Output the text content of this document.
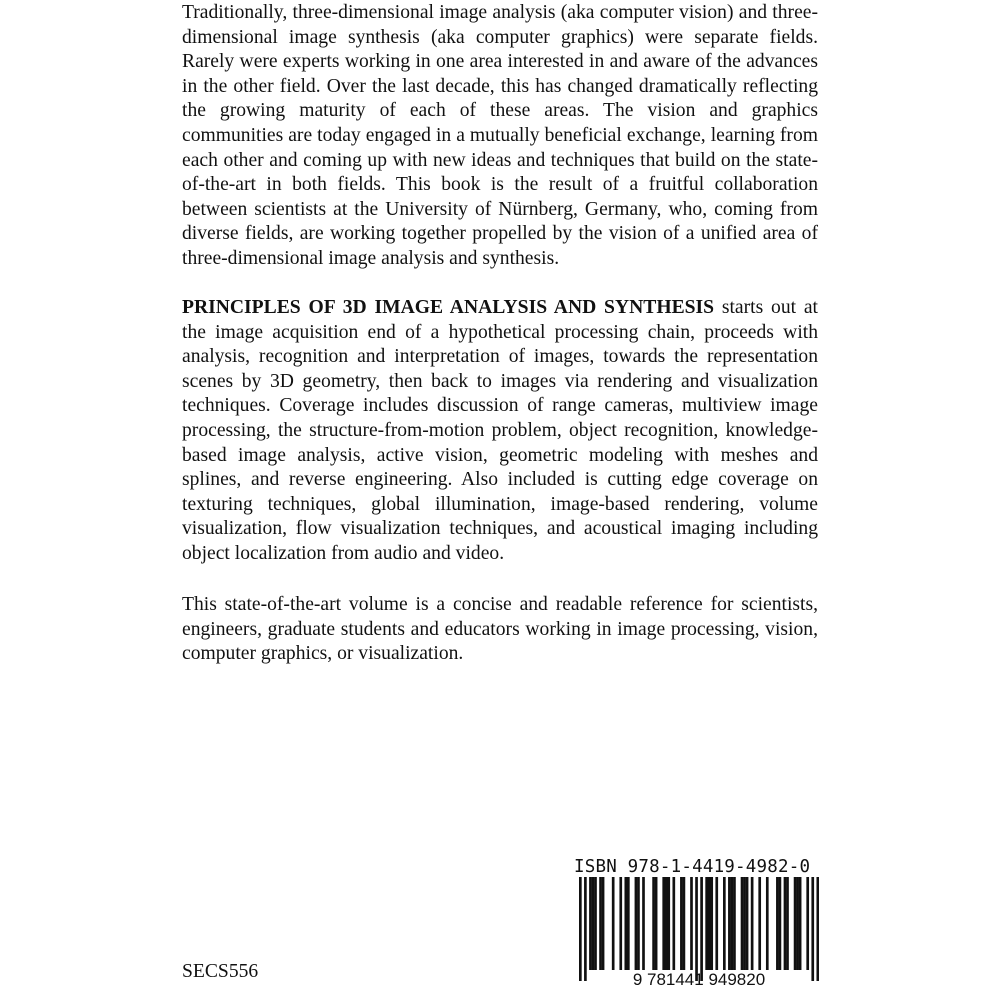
Traditionally, three-dimensional image analysis (aka computer vision) and three-dimensional image synthesis (aka computer graphics) were separate fields. Rarely were experts working in one area interested in and aware of the advances in the other field. Over the last decade, this has changed dramatically reflecting the growing maturity of each of these areas. The vision and graphics communities are today engaged in a mutually beneficial exchange, learning from each other and coming up with new ideas and techniques that build on the state-of-the-art in both fields. This book is the result of a fruitful collaboration between scientists at the University of Nürnberg, Germany, who, coming from diverse fields, are working together propelled by the vision of a unified area of three-dimensional image analysis and synthesis.

PRINCIPLES OF 3D IMAGE ANALYSIS AND SYNTHESIS starts out at the image acquisition end of a hypothetical processing chain, proceeds with analysis, recognition and interpretation of images, towards the representation scenes by 3D geometry, then back to images via rendering and visualization techniques. Coverage includes discussion of range cameras, multiview image processing, the structure-from-motion problem, object recognition, knowledge-based image analysis, active vision, geometric modeling with meshes and splines, and reverse engineering. Also included is cutting edge coverage on texturing techniques, global illumination, image-based rendering, volume visualization, flow visualization techniques, and acoustical imaging including object localization from audio and video.

This state-of-the-art volume is a concise and readable reference for scientists, engineers, graduate students and educators working in image processing, vision, computer graphics, or visualization.

SECS556
ISBN 978-1-4419-4982-0
9 781441 949820
